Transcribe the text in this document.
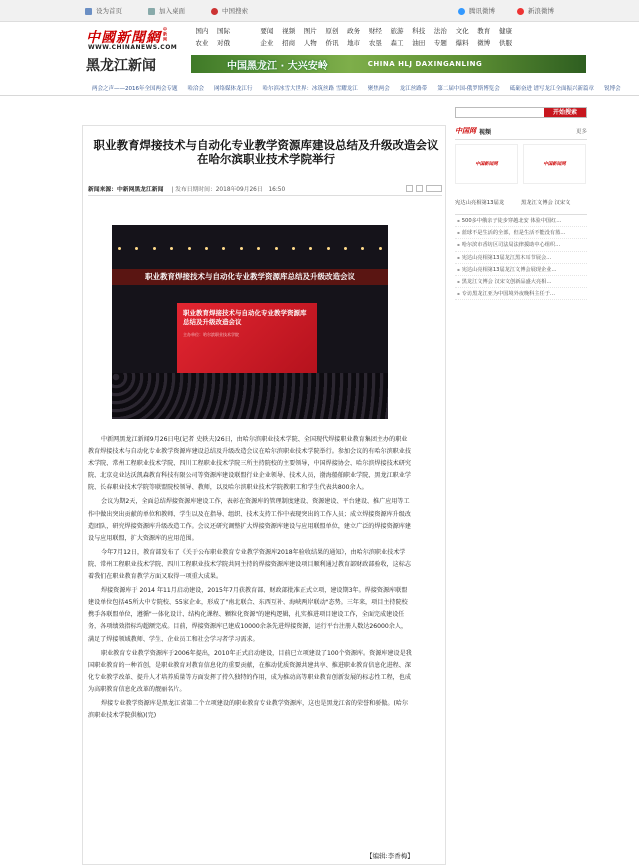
设为首页	加入桌面	中国搜索	腾讯微博	新浪微博
中國新聞網 中新网
WWW.CHINANEWS.COM
黑龙江新闻
国内	国际	要闻	视频	图片	原创	政务	财经	旅游	科技	法治	文化	教育	健康
农业	对俄	企业	招商	人物	侨讯	地市	农垦	森工	油田	专题	爆料	微博	供服
中国黑龙江 · 大兴安岭	CHINA HLJ DAXINGANLING
两会之声——2016年全国两会专题 哈洽会 网络媒体龙江行 哈尔滨冰雪大世界：冰筑丝路 雪耀龙江 聚焦两会 龙江丝路带 第二届中国-俄罗斯博览会 砥砺奋进 谱写龙江全面振兴新篇章 锐博会
职业教育焊接技术与自动化专业教学资源库建设总结及升级改造会议在哈尔滨职业技术学院举行
新闻来源：中新网黑龙江新闻 | 发布日期时间：2018年09月26日　16:50
职业教育焊接技术与自动化专业教学资源库总结及升级改造会议
职业教育焊接技术与自动化专业教学资源库总结及升级改造会议
主办单位：哈尔滨职业技术学院

中新网黑龙江新闻9月26日电(记者 史轶夫)26日，由哈尔滨职业技术学院、全国现代焊接职业教育集团主办的职业教育焊接技术与自动化专业教学资源库建设总结及升级改造会议在哈尔滨职业技术学院举行。参加会议的有哈尔滨职业技术学院、常州工程职业技术学院、四川工程职业技术学院三所主持院校的主要领导，中国焊接协会、哈尔滨焊接技术研究院、北京竞业达沃凯森教育科技有限公司等资源库建设联盟行业企业领导、技术人员，渤海船舶职业学院、黑龙江职业学院、长春职业技术学院等联盟院校领导、教师，以及哈尔滨职业技术学院教职工和学生代表共800余人。

会议为期2天，全面总结焊接资源库建设工作，表彰在资源库的管理制度建设、资源建设、平台建设、推广应用等工作中做出突出贡献的单位和教师、学生以及在指导、组织、技术支持工作中表现突出的工作人员；成立焊接资源库升级改造团队，研究焊接资源库升级改造工作。会议还研究调整扩大焊接资源库建设与应用联盟单位，建立广泛的焊接资源库建设与应用联盟，扩大资源库的应用范围。

今年7月12日，教育部发布了《关于公布职业教育专业教学资源库2018年验收结果的通知》，由哈尔滨职业技术学院、常州工程职业技术学院、四川工程职业技术学院共同主持的焊接资源库建设项目顺利通过教育部财政部验收，这标志着我们在职业教育教学方面又取得一项重大成果。

焊接资源库于 2014 年11月启动建设，2015年7月获教育部、财政部批准正式立项，建设期3年。焊接资源库联盟建设单位包括45所大中专院校、55家企业，形成了"南北联合、东西互补、海峡两岸联动"态势。三年来，项目主持院校携手各联盟单位，遵循"一体化设计、结构化课程、颗粒化资源"的建构逻辑，扎实推进项目建设工作，全面完成建设任务，各项绩效指标均超额完成。目前，焊接资源库已建成10000余条先进焊接资源，运行平台注册人数达26000余人，满足了焊接领域教师、学生、企业员工和社会学习者学习需求。

职业教育专业教学资源库于2006年提出，2010年正式启动建设，目前已立项建设了100个资源库。资源库建设是我国职业教育的一种首创，是职业教育对教育信息化的重要贡献，在推动优质资源共建共享、推进职业教育信息化进程、深化专业教学改革、提升人才培养质量等方面发挥了持久独特的作用，成为推动高等职业教育创新发展的标志性工程，也成为高职教育信息化改革的靓丽名片。

焊接专业教学资源库是黑龙江省第二个立项建设的职业教育专业教学资源库，这也是黑龙江省的荣誉和骄傲。(哈尔滨职业技术学院供稿)(完)

【编辑:李香梅】
开始搜索
中国网 视频	更多
中国新闻网	中国新闻网
宪达山亮相第13届龙	黑龙江文博会 汉宋文
▪ 500多中俄亲子徒步穿越北安 体验中国红…
▪ 蓝球不是生活的全部，但是生活不能没有篮…
▪ 哈尔滨市香坊区司法局法律援助中心组织…
▪ 宪达山亮相第13届龙江黑木耳节展会…
▪ 宪达山亮相第13届龙江文博会展现企业…
▪ 黑龙江文博会 汉宋文创新品盛大亮相…
▪ 专访黑龙江亚为中国境外夜晚科主任于…
